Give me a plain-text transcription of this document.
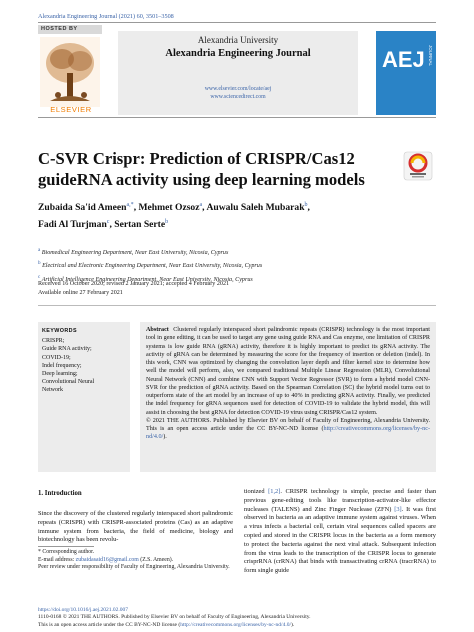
Alexandria Engineering Journal (2021) 60, 3501–3508
HOSTED BY
ELSEVIER
Alexandria University
Alexandria Engineering Journal
www.elsevier.com/locate/aej
www.sciencedirect.com
AEJ JOURNAL
C-SVR Crispr: Prediction of CRISPR/Cas12
guideRNA activity using deep learning models
Zubaida Sa'id Ameen$^{a,*}$, Mehmet Ozsoz$^a$, Auwalu Saleh Mubarak$^b$,
Fadi Al Turjman$^c$, Sertan Serte$^b$
$^a$ Biomedical Engineering Department, Near East University, Nicosia, Cyprus
$^b$ Electrical and Electronic Engineering Department, Near East University, Nicosia, Cyprus
$^c$ Artificial Intelligence Engineering Department, Near East University, Nicosia, Cyprus
Received 16 October 2020; revised 2 January 2021; accepted 4 February 2021
Available online 27 February 2021
KEYWORDS
CRISPR;
Guide RNA activity;
COVID-19;
Indel frequency;
Deep learning;
Convolutional Neural
Network
Abstract Clustered regularly interspaced short palindromic repeats (CRISPR) technology is the most important tool in gene editing, it can be used to target any gene using guide RNA and Cas enzyme, one limitation of CRISPR systems is low guide RNA (gRNA) activity, therefore it is highly important to predict its gRNA activity. The activity of gRNA can be determined by measuring the score for the frequency of insertion or deletion (indel). In this work, CNN was optimized by changing the convolution layer depth and filter kernel size to determine how well the model will perform, also, we compared traditional Multiple Linear Regression (MLR), Convolutional Neural Network (CNN) and combine CNN with Support Vector Regressor (SVR) to form a hybrid model CNN-SVR for the prediction of gRNA activity. Based on the Spearman Correlation (SC) the hybrid model turns out to outperform state of the art model by an increase of up to 40% in predicting gRNA activity. Finally, we predicted the indel frequency for gRNA sequences used for detection of COVID-19 to validate the hybrid model, this will assist in choosing the best gRNA for detection COVID-19 virus using CRISPR/Cas12 system.
© 2021 THE AUTHORS. Published by Elsevier BV on behalf of Faculty of Engineering, Alexandria University. This is an open access article under the CC BY-NC-ND license (http://creativecommons.org/licenses/by-nc-nd/4.0/).
1. Introduction
Since the discovery of the clustered regularly interspaced short palindromic repeats (CRISPR) with CRISPR-associated proteins (Cas) as an adaptive immune system from bacteria, the field of medicine, biology and biotechnology has been revolu-
tionized [1,2]. CRISPR technology is simple, precise and faster than previous gene-editing tools like transcription-activator-like effector nucleases (TALENS) and Zinc Finger Nuclease (ZFN) [3]. It was first observed in bacteria as an adaptive immune system against viruses. When a virus infects a bacterial cell, certain viral sequences called spacers are copied and stored in the CRISPR locus in the bacteria as a form memory to protect the bacteria against the next viral attack. Subsequent infection from the virus leads to the transcription of the CRISPR locus to generate crisprRNA (crRNA) that binds with transactivating crRNA (tracrRNA) to form single guide
* Corresponding author.
E-mail address: zubaidasaid16@gmail.com (Z.S. Ameen).
Peer review under responsibility of Faculty of Engineering, Alexandria University.
https://doi.org/10.1016/j.aej.2021.02.007
1110-0168 © 2021 THE AUTHORS. Published by Elsevier BV on behalf of Faculty of Engineering, Alexandria University.
This is an open access article under the CC BY-NC-ND license (http://creativecommons.org/licenses/by-nc-nd/4.0/).
